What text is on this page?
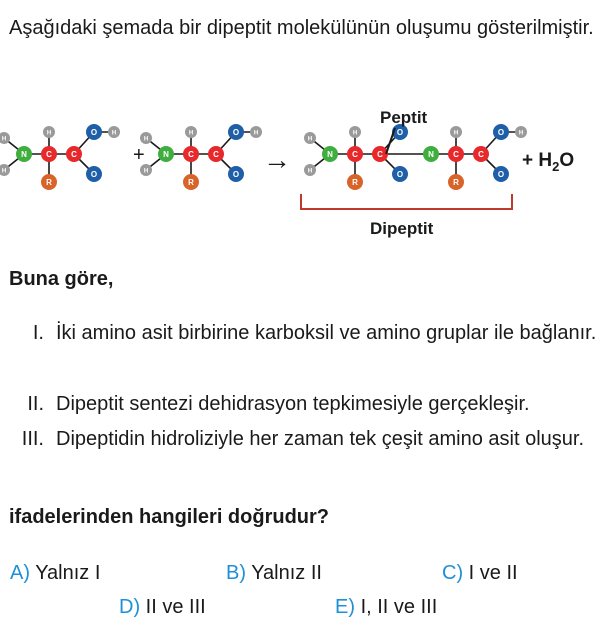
Aşağıdaki şemada bir dipeptit molekülünün oluşumu gösterilmiştir.
H
H
N C
H
R
C
O H
O
+
H
H
N C
H
R
C
O H
O →
H
H
N C
H
R
C
O
O
N C
H
R
C
O H
O
Peptit
Dipeptit
+ $H_2O$
Buna göre,
I. İki amino asit birbirine karboksil ve amino gruplar ile bağlanır.
II. Dipeptit sentezi dehidrasyon tepkimesiyle gerçekleşir.
III. Dipeptidin hidroliziyle her zaman tek çeşit amino asit oluşur.
ifadelerinden hangileri doğrudur?
A) Yalnız I	B) Yalnız II	C) I ve II
D) II ve III	E) I, II ve III
